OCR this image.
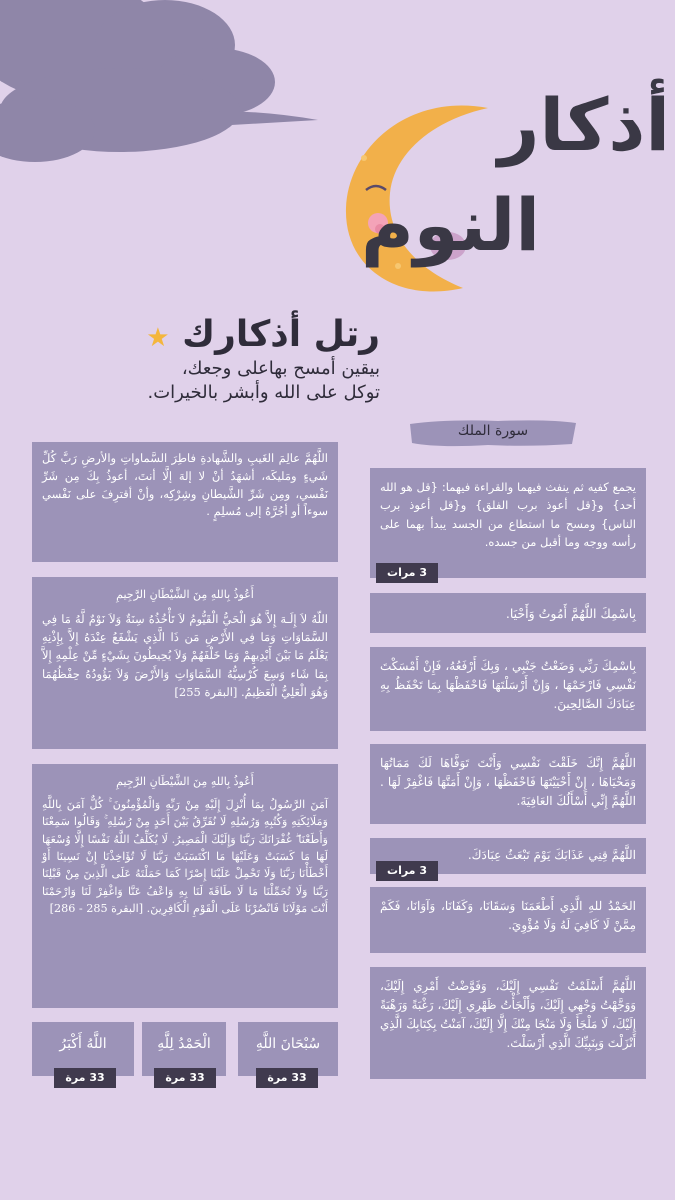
أذكار
النوم
رتل أذكارك ★
بيقين أمسح بهاعلى وجعك،
توكل على الله وأبشر بالخيرات.
سورة الملك
اللَّهُمَّ عالِمَ الغَيبِ والشَّهادةِ فاطِرَ السَّماواتِ والأرضِ رَبَّ كُلِّ شَيءٍ ومَليكَه، أشهَدُ أنْ لا إلهَ إلَّا أنتَ، أعوذُ بِكَ مِن شَرِّ نَفْسي، ومِن شَرِّ الشَّيطانِ وشِرْكِه، وأنْ أقترِفَ على نَفْسي سوءاً أو أجُرَّهُ إلى مُسلِمٍ .
أَعُوذُ بِاللهِ مِنَ الشَّيْطَانِ الرَّجِيمِ
اللّهُ لاَ إِلَـهَ إِلاَّ هُوَ الْحَيُّ الْقَيُّومُ لاَ تَأْخُذُهُ سِنَةٌ وَلاَ نَوْمٌ لَّهُ مَا فِي السَّمَاوَاتِ وَمَا فِي الأَرْضِ مَن ذَا الَّذِي يَشْفَعُ عِنْدَهُ إِلاَّ بِإِذْنِهِ يَعْلَمُ مَا بَيْنَ أَيْدِيهِمْ وَمَا خَلْفَهُمْ وَلاَ يُحِيطُونَ بِشَيْءٍ مِّنْ عِلْمِهِ إِلاَّ بِمَا شَاء وَسِعَ كُرْسِيُّهُ السَّمَاوَاتِ وَالأَرْضَ وَلاَ يَؤُودُهُ حِفْظُهُمَا وَهُوَ الْعَلِيُّ الْعَظِيمُ. [البقرة 255]
أَعُوذُ بِاللهِ مِنَ الشَّيْطَانِ الرَّجِيمِ
آمَنَ الرَّسُولُ بِمَا أُنْزِلَ إِلَيْهِ مِنْ رَبِّهِ وَالْمُؤْمِنُونَ ۚ كُلٌّ آمَنَ بِاللَّهِ وَمَلَائِكَتِهِ وَكُتُبِهِ وَرُسُلِهِ لَا نُفَرِّقُ بَيْنَ أَحَدٍ مِنْ رُسُلِهِ ۚ وَقَالُوا سَمِعْنَا وَأَطَعْنَا ۖ غُفْرَانَكَ رَبَّنَا وَإِلَيْكَ الْمَصِيرُ. لَا يُكَلِّفُ اللَّهُ نَفْسًا إِلَّا وُسْعَهَا لَهَا مَا كَسَبَتْ وَعَلَيْهَا مَا اكْتَسَبَتْ رَبَّنَا لَا تُؤَاخِذْنَا إِنْ نَسِينَا أَوْ أَخْطَأْنَا رَبَّنَا وَلَا تَحْمِلْ عَلَيْنَا إِصْرًا كَمَا حَمَلْتَهُ عَلَى الَّذِينَ مِنْ قَبْلِنَا رَبَّنَا وَلَا تُحَمِّلْنَا مَا لَا طَاقَةَ لَنَا بِهِ وَاعْفُ عَنَّا وَاغْفِرْ لَنَا وَارْحَمْنَا أَنْتَ مَوْلَانَا فَانْصُرْنَا عَلَى الْقَوْمِ الْكَافِرِينَ. [البقرة 285 - 286]
يجمع كفيه ثم ينفث فيهما والقراءة فيهما: {قل هو الله أحد} و{قل أعوذ برب الفلق} و{قل أعوذ برب الناس} ومسح ما استطاع من الجسد يبدأ بهما على رأسه ووجه وما أقبل من جسده.
3 مرات
بِاسْمِكَ اللَّهُمَّ أَمُوتُ وَأَحْيَا.
بِاسْمِكَ رَبِّي وَضَعْتُ جَنْبِي ، وَبِكَ أَرْفَعُهُ، فَإِنْ أَمْسَكْتَ نَفْسِي فَارْحَمْهَا ، وَإِنْ أَرْسَلْتَهَا فَاحْفَظْهَا بِمَا تَحْفَظُ بِهِ عِبَادَكَ الصَّالِحِينَ.
اللَّهُمَّ إِنَّكَ خَلَقْتَ نَفْسِي وَأَنْتَ تَوَفَّاهَا لَكَ مَمَاتُهَا وَمَحْيَاهَا ، إِنْ أَحْيَيْتَهَا فَاحْفَظْهَا ، وَإِنْ أَمَتَّهَا فَاغْفِرْ لَهَا . اللَّهُمَّ إِنِّي أَسْأَلُكَ العَافِيَةَ.
اللَّهُمَّ قِنِي عَذَابَكَ يَوْمَ تَبْعَثُ عِبَادَكَ.
3 مرات
الحَمْدُ للهِ الَّذِي أَطْعَمَنَا وَسَقَانَا، وَكَفَانَا، وَآوَانَا، فَكَمْ مِمَّنْ لَا كَافِيَ لَهُ وَلَا مُؤْوِيَ.
اللَّهُمَّ أَسْلَمْتُ نَفْسِي إِلَيْكَ، وَفَوَّضْتُ أَمْرِي إِلَيْكَ، وَوَجَّهْتُ وَجْهِي إِلَيْكَ، وَأَلْجَأْتُ ظَهْرِي إِلَيْكَ، رَغْبَةً وَرَهْبَةً إِلَيْكَ، لَا مَلْجَأَ وَلَا مَنْجَا مِنْكَ إِلَّا إِلَيْكَ، آمَنْتُ بِكِتَابِكَ الَّذِي أَنْزَلْتَ وَبِنَبِيِّكَ الَّذِي أَرْسَلْتَ.
سُبْحَانَ اللَّهِ
33 مرة
الْحَمْدُ لِلَّهِ
33 مرة
اللَّهُ أَكْبَرُ
33 مرة
